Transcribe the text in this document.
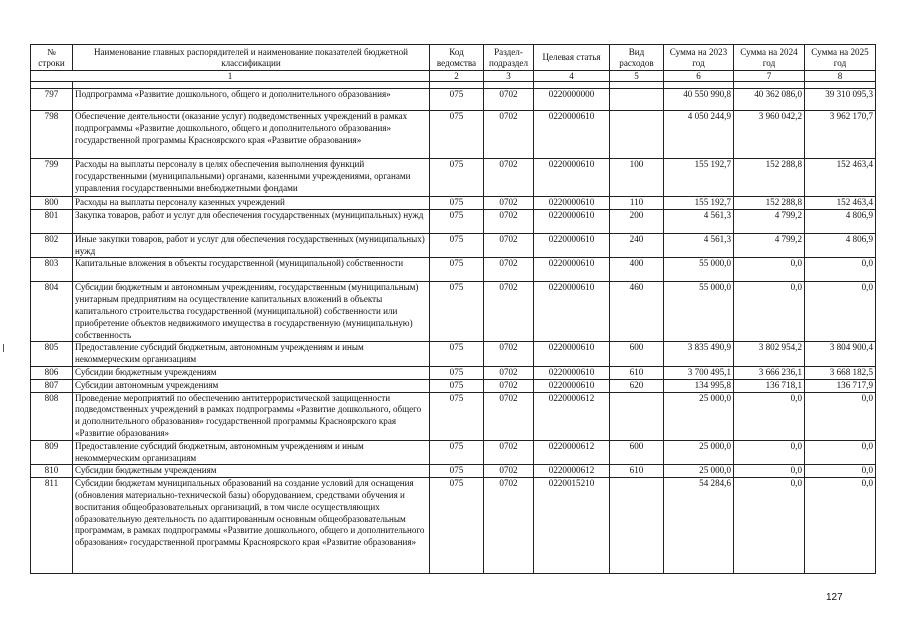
№ строки	Наименование главных распорядителей и наименование показателей бюджетной классификации	Код ведомства	Раздел-подраздел	Целевая статья	Вид расходов	Сумма на 2023 год	Сумма на 2024 год	Сумма на 2025 год
1		2	3	4	5	6	7	8

797	Подпрограмма «Развитие дошкольного, общего и дополнительного образования»	075	0702	0220000000		40 550 990,8	40 362 086,0	39 310 095,3
798	Обеспечение деятельности (оказание услуг) подведомственных учреждений в рамках подпрограммы «Развитие дошкольного, общего и дополнительного образования» государственной программы Красноярского края «Развитие образования»	075	0702	0220000610		4 050 244,9	3 960 042,2	3 962 170,7
799	Расходы на выплаты персоналу в целях обеспечения выполнения функций государственными (муниципальными) органами, казенными учреждениями, органами управления государственными внебюджетными фондами	075	0702	0220000610	100	155 192,7	152 288,8	152 463,4
800	Расходы на выплаты персоналу казенных учреждений	075	0702	0220000610	110	155 192,7	152 288,8	152 463,4
801	Закупка товаров, работ и услуг для обеспечения государственных (муниципальных) нужд	075	0702	0220000610	200	4 561,3	4 799,2	4 806,9
802	Иные закупки товаров, работ и услуг для обеспечения государственных (муниципальных) нужд	075	0702	0220000610	240	4 561,3	4 799,2	4 806,9
803	Капитальные вложения в объекты государственной (муниципальной) собственности	075	0702	0220000610	400	55 000,0	0,0	0,0
804	Субсидии бюджетным и автономным учреждениям, государственным (муниципальным) унитарным предприятиям на осуществление капитальных вложений в объекты капитального строительства государственной (муниципальной) собственности или приобретение объектов недвижимого имущества в государственную (муниципальную) собственность	075	0702	0220000610	460	55 000,0	0,0	0,0
805	Предоставление субсидий бюджетным, автономным учреждениям и иным некоммерческим организациям	075	0702	0220000610	600	3 835 490,9	3 802 954,2	3 804 900,4
806	Субсидии бюджетным учреждениям	075	0702	0220000610	610	3 700 495,1	3 666 236,1	3 668 182,5
807	Субсидии автономным учреждениям	075	0702	0220000610	620	134 995,8	136 718,1	136 717,9
808	Проведение мероприятий по обеспечению антитеррористической защищенности подведомственных учреждений в рамках подпрограммы «Развитие дошкольного, общего и дополнительного образования» государственной программы Красноярского края «Развитие образования»	075	0702	0220000612		25 000,0	0,0	0,0
809	Предоставление субсидий бюджетным, автономным учреждениям и иным некоммерческим организациям	075	0702	0220000612	600	25 000,0	0,0	0,0
810	Субсидии бюджетным учреждениям	075	0702	0220000612	610	25 000,0	0,0	0,0
811	Субсидии бюджетам муниципальных образований на создание условий для оснащения (обновления материально-технической базы) оборудованием, средствами обучения и воспитания общеобразовательных организаций, в том числе осуществляющих образовательную деятельность по адаптированным основным общеобразовательным программам, в рамках подпрограммы «Развитие дошкольного, общего и дополнительного образования» государственной программы Красноярского края «Развитие образования»	075	0702	0220015210		54 284,6	0,0	0,0
127
